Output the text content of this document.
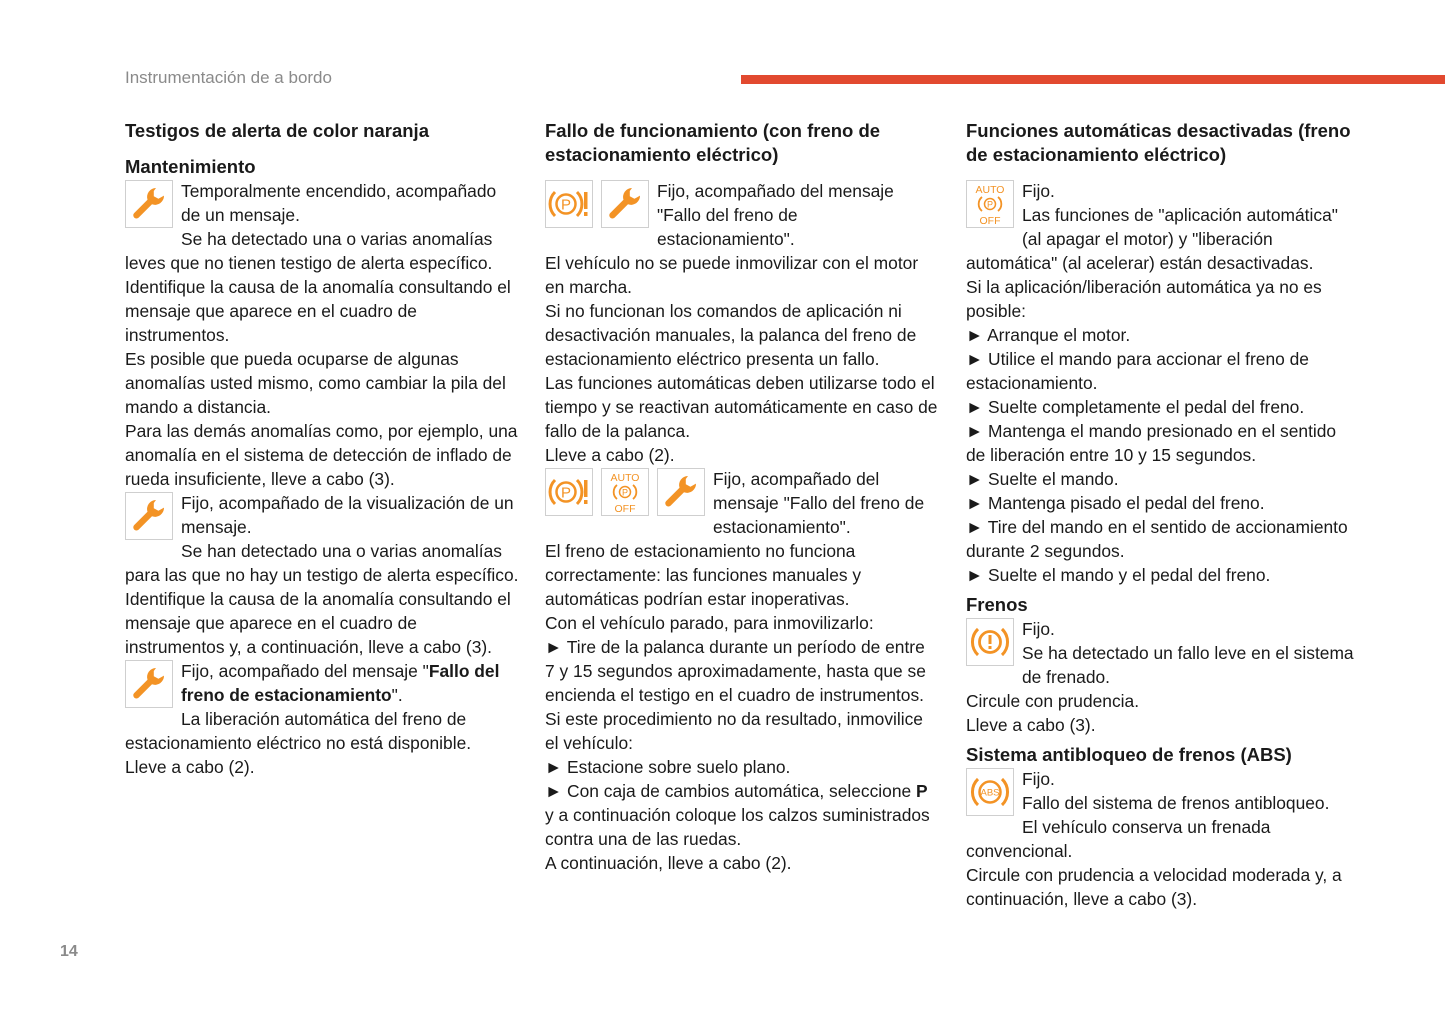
Instrumentación de a bordo
Testigos de alerta de color naranja
Mantenimiento
Temporalmente encendido, acompañado de un mensaje.

Se ha detectado una o varias anomalías leves que no tienen testigo de alerta específico.

Identifique la causa de la anomalía consultando el mensaje que aparece en el cuadro de instrumentos.

Es posible que pueda ocuparse de algunas anomalías usted mismo, como cambiar la pila del mando a distancia.

Para las demás anomalías como, por ejemplo, una anomalía en el sistema de detección de inflado de rueda insuficiente, lleve a cabo (3).

Fijo, acompañado de la visualización de un mensaje.

Se han detectado una o varias anomalías para las que no hay un testigo de alerta específico.

Identifique la causa de la anomalía consultando el mensaje que aparece en el cuadro de instrumentos y, a continuación, lleve a cabo (3).

Fijo, acompañado del mensaje "Fallo del freno de estacionamiento".

La liberación automática del freno de estacionamiento eléctrico no está disponible.

Lleve a cabo (2).

Fallo de funcionamiento (con freno de estacionamiento eléctrico)
P
Fijo, acompañado del mensaje "Fallo del freno de estacionamiento".

El vehículo no se puede inmovilizar con el motor en marcha.

Si no funcionan los comandos de aplicación ni desactivación manuales, la palanca del freno de estacionamiento eléctrico presenta un fallo.

Las funciones automáticas deben utilizarse todo el tiempo y se reactivan automáticamente en caso de fallo de la palanca.

Lleve a cabo (2).

P
AUTO
P
OFF
Fijo, acompañado del mensaje "Fallo del freno de estacionamiento".

El freno de estacionamiento no funciona correctamente: las funciones manuales y automáticas podrían estar inoperativas.

Con el vehículo parado, para inmovilizarlo:

► Tire de la palanca durante un período de entre 7 y 15 segundos aproximadamente, hasta que se encienda el testigo en el cuadro de instrumentos.

Si este procedimiento no da resultado, inmovilice el vehículo:

► Estacione sobre suelo plano.

► Con caja de cambios automática, seleccione P y a continuación coloque los calzos suministrados contra una de las ruedas.

A continuación, lleve a cabo (2).

Funciones automáticas desactivadas (freno de estacionamiento eléctrico)
AUTO
P
OFF
Fijo.
Las funciones de "aplicación automática" (al apagar el motor) y "liberación automática" (al acelerar) están desactivadas.

Si la aplicación/liberación automática ya no es posible:

► Arranque el motor.

► Utilice el mando para accionar el freno de estacionamiento.

► Suelte completamente el pedal del freno.

► Mantenga el mando presionado en el sentido de liberación entre 10 y 15 segundos.

► Suelte el mando.

► Mantenga pisado el pedal del freno.

► Tire del mando en el sentido de accionamiento durante 2 segundos.

► Suelte el mando y el pedal del freno.

Frenos
Fijo.
Se ha detectado un fallo leve en el sistema de frenado.

Circule con prudencia.

Lleve a cabo (3).

Sistema antibloqueo de frenos (ABS)
ABS
Fijo.
Fallo del sistema de frenos antibloqueo.

El vehículo conserva un frenada convencional.

Circule con prudencia a velocidad moderada y, a continuación, lleve a cabo (3).

14
